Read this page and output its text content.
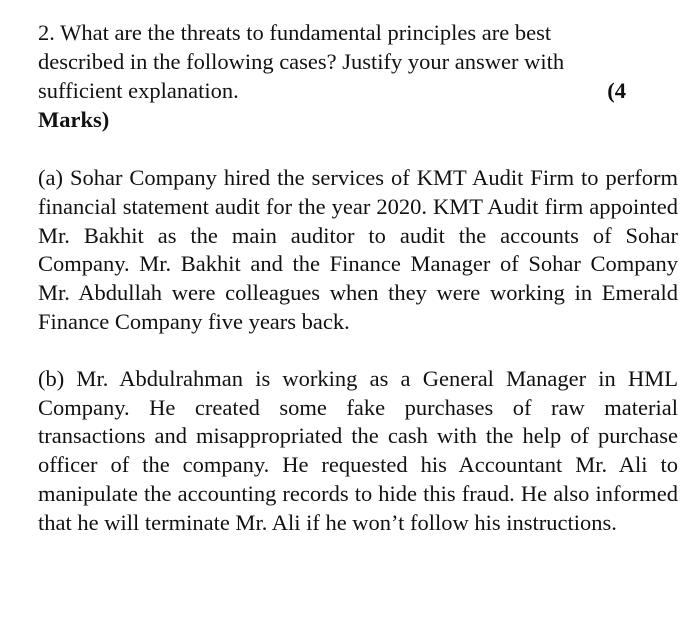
2. What are the threats to fundamental principles are best
described in the following cases? Justify your answer with
(4
sufficient explanation.
Marks)

(a) Sohar Company hired the services of KMT Audit Firm to perform financial statement audit for the year 2020. KMT Audit firm appointed Mr. Bakhit as the main auditor to audit the accounts of Sohar Company. Mr. Bakhit and the Finance Manager of Sohar Company Mr. Abdullah were colleagues when they were working in Emerald Finance Company five years back.

(b) Mr. Abdulrahman is working as a General Manager in HML Company. He created some fake purchases of raw material transactions and misappropriated the cash with the help of purchase officer of the company. He requested his Accountant Mr. Ali to manipulate the accounting records to hide this fraud. He also informed that he will terminate Mr. Ali if he won’t follow his instructions.
